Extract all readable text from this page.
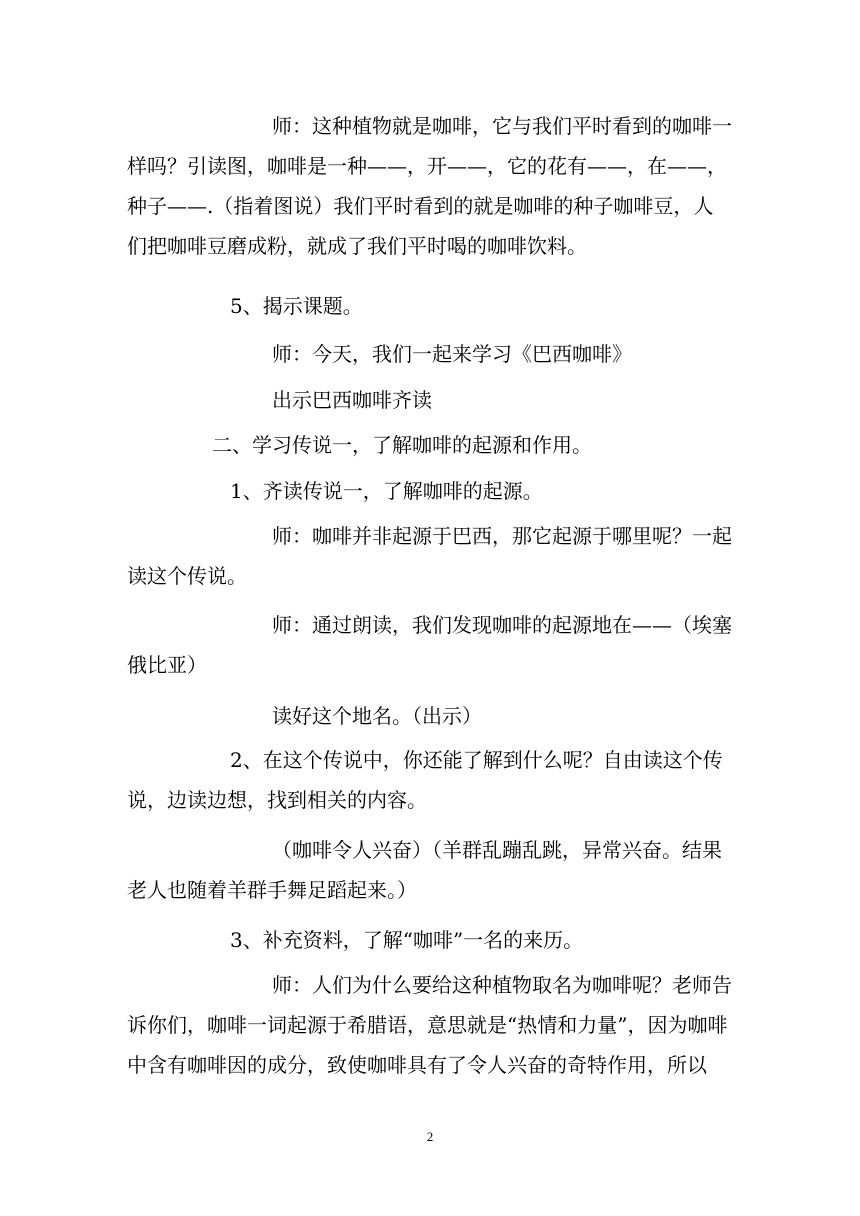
师：这种植物就是咖啡，它与我们平时看到的咖啡一样吗？引读图，咖啡是一种——，开——，它的花有——，在——，种子——.（指着图说）我们平时看到的就是咖啡的种子咖啡豆，人们把咖啡豆磨成粉，就成了我们平时喝的咖啡饮料。

5、揭示课题。

师：今天，我们一起来学习《巴西咖啡》

出示巴西咖啡齐读

二、学习传说一，了解咖啡的起源和作用。

1、齐读传说一，了解咖啡的起源。

师：咖啡并非起源于巴西，那它起源于哪里呢？一起读这个传说。

师：通过朗读，我们发现咖啡的起源地在——（埃塞俄比亚）

读好这个地名。（出示）

2、在这个传说中，你还能了解到什么呢？自由读这个传说，边读边想，找到相关的内容。

（咖啡令人兴奋）（羊群乱蹦乱跳，异常兴奋。结果老人也随着羊群手舞足蹈起来。）

3、补充资料，了解“咖啡”一名的来历。

师：人们为什么要给这种植物取名为咖啡呢？老师告诉你们，咖啡一词起源于希腊语，意思就是“热情和力量”，因为咖啡中含有咖啡因的成分，致使咖啡具有了令人兴奋的奇特作用，所以

2
